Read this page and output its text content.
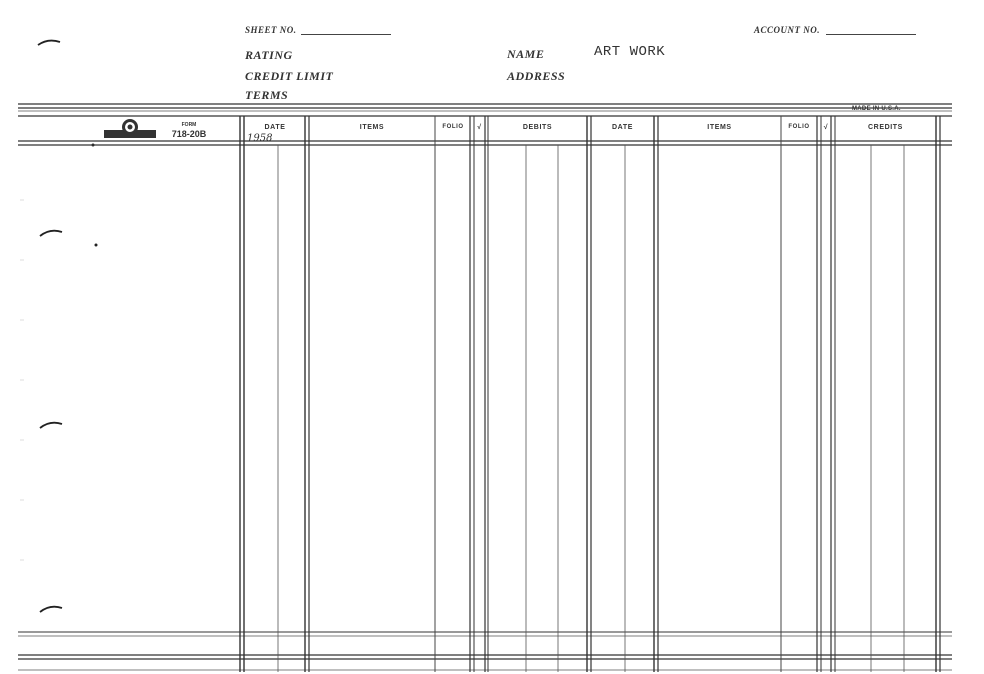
SHEET NO.	ACCOUNT NO.
RATING
CREDIT LIMIT
TERMS
NAME	ART WORK
ADDRESS
MADE IN U.S.A.
FORM
718-20B
DATE	ITEMS	FOLIO	√	DEBITS	DATE	ITEMS	FOLIO	√	CREDITS
1958
